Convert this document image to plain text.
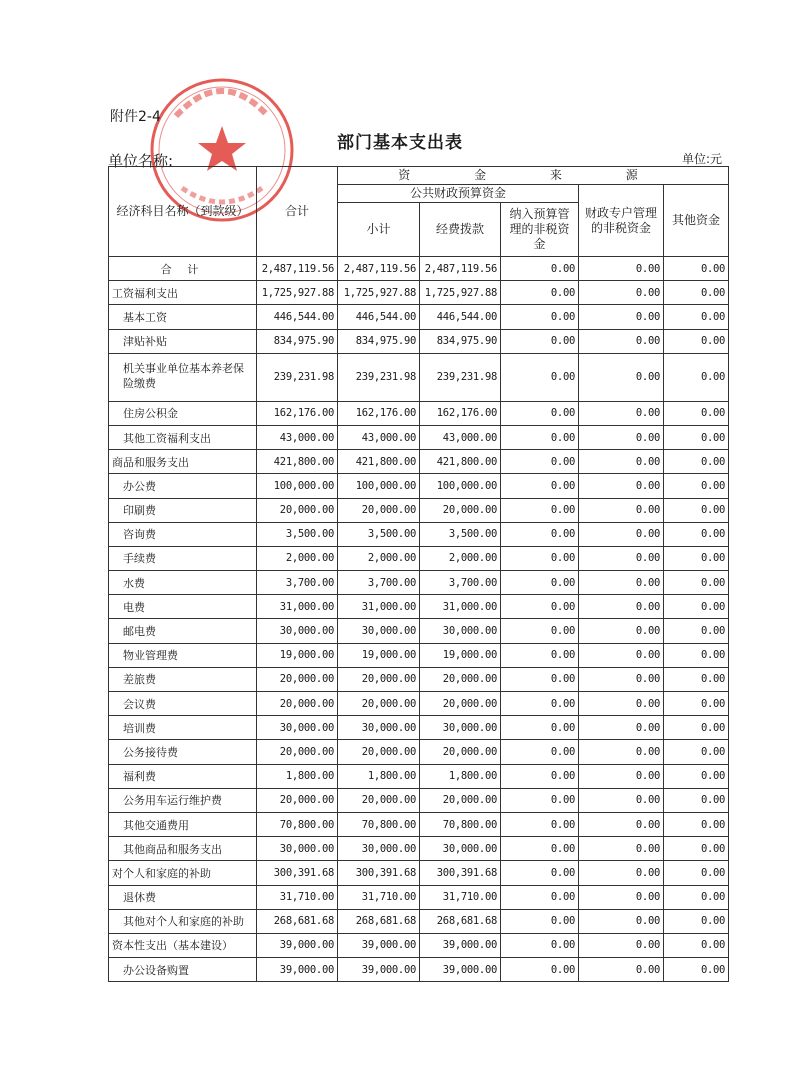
附件2-4
部门基本支出表
单位名称:	单位:元
经济科目名称（到款级）	合计	资 金 来 源				
		公共财政预算资金			财政专户管理的非税资金	其他资金
		小计	经费拨款	纳入预算管理的非税资金		
合 计	2,487,119.56	2,487,119.56	2,487,119.56	0.00	0.00	0.00
工资福利支出	1,725,927.88	1,725,927.88	1,725,927.88	0.00	0.00	0.00
基本工资	446,544.00	446,544.00	446,544.00	0.00	0.00	0.00
津贴补贴	834,975.90	834,975.90	834,975.90	0.00	0.00	0.00
机关事业单位基本养老保险缴费	239,231.98	239,231.98	239,231.98	0.00	0.00	0.00
住房公积金	162,176.00	162,176.00	162,176.00	0.00	0.00	0.00
其他工资福利支出	43,000.00	43,000.00	43,000.00	0.00	0.00	0.00
商品和服务支出	421,800.00	421,800.00	421,800.00	0.00	0.00	0.00
办公费	100,000.00	100,000.00	100,000.00	0.00	0.00	0.00
印刷费	20,000.00	20,000.00	20,000.00	0.00	0.00	0.00
咨询费	3,500.00	3,500.00	3,500.00	0.00	0.00	0.00
手续费	2,000.00	2,000.00	2,000.00	0.00	0.00	0.00
水费	3,700.00	3,700.00	3,700.00	0.00	0.00	0.00
电费	31,000.00	31,000.00	31,000.00	0.00	0.00	0.00
邮电费	30,000.00	30,000.00	30,000.00	0.00	0.00	0.00
物业管理费	19,000.00	19,000.00	19,000.00	0.00	0.00	0.00
差旅费	20,000.00	20,000.00	20,000.00	0.00	0.00	0.00
会议费	20,000.00	20,000.00	20,000.00	0.00	0.00	0.00
培训费	30,000.00	30,000.00	30,000.00	0.00	0.00	0.00
公务接待费	20,000.00	20,000.00	20,000.00	0.00	0.00	0.00
福利费	1,800.00	1,800.00	1,800.00	0.00	0.00	0.00
公务用车运行维护费	20,000.00	20,000.00	20,000.00	0.00	0.00	0.00
其他交通费用	70,800.00	70,800.00	70,800.00	0.00	0.00	0.00
其他商品和服务支出	30,000.00	30,000.00	30,000.00	0.00	0.00	0.00
对个人和家庭的补助	300,391.68	300,391.68	300,391.68	0.00	0.00	0.00
退休费	31,710.00	31,710.00	31,710.00	0.00	0.00	0.00
其他对个人和家庭的补助	268,681.68	268,681.68	268,681.68	0.00	0.00	0.00
资本性支出（基本建设）	39,000.00	39,000.00	39,000.00	0.00	0.00	0.00
办公设备购置	39,000.00	39,000.00	39,000.00	0.00	0.00	0.00
